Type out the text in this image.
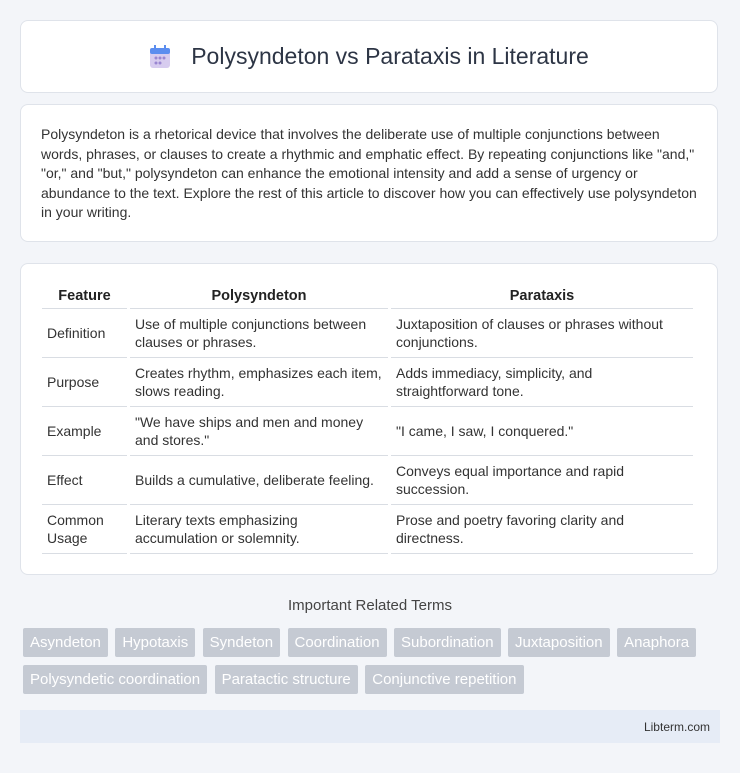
Polysyndeton vs Parataxis in Literature

Polysyndeton is a rhetorical device that involves the deliberate use of multiple conjunctions between words, phrases, or clauses to create a rhythmic and emphatic effect. By repeating conjunctions like "and," "or," and "but," polysyndeton can enhance the emotional intensity and add a sense of urgency or abundance to the text. Explore the rest of this article to discover how you can effectively use polysyndeton in your writing.

Feature	Polysyndeton	Parataxis
Definition	Use of multiple conjunctions between clauses or phrases.	Juxtaposition of clauses or phrases without conjunctions.
Purpose	Creates rhythm, emphasizes each item, slows reading.	Adds immediacy, simplicity, and straightforward tone.
Example	"We have ships and men and money and stores."	"I came, I saw, I conquered."
Effect	Builds a cumulative, deliberate feeling.	Conveys equal importance and rapid succession.
Common Usage	Literary texts emphasizing accumulation or solemnity.	Prose and poetry favoring clarity and directness.
Important Related Terms
Asyndeton Hypotaxis Syndeton Coordination Subordination Juxtaposition Anaphora Polysyndetic coordination Paratactic structure Conjunctive repetition
Libterm.com
